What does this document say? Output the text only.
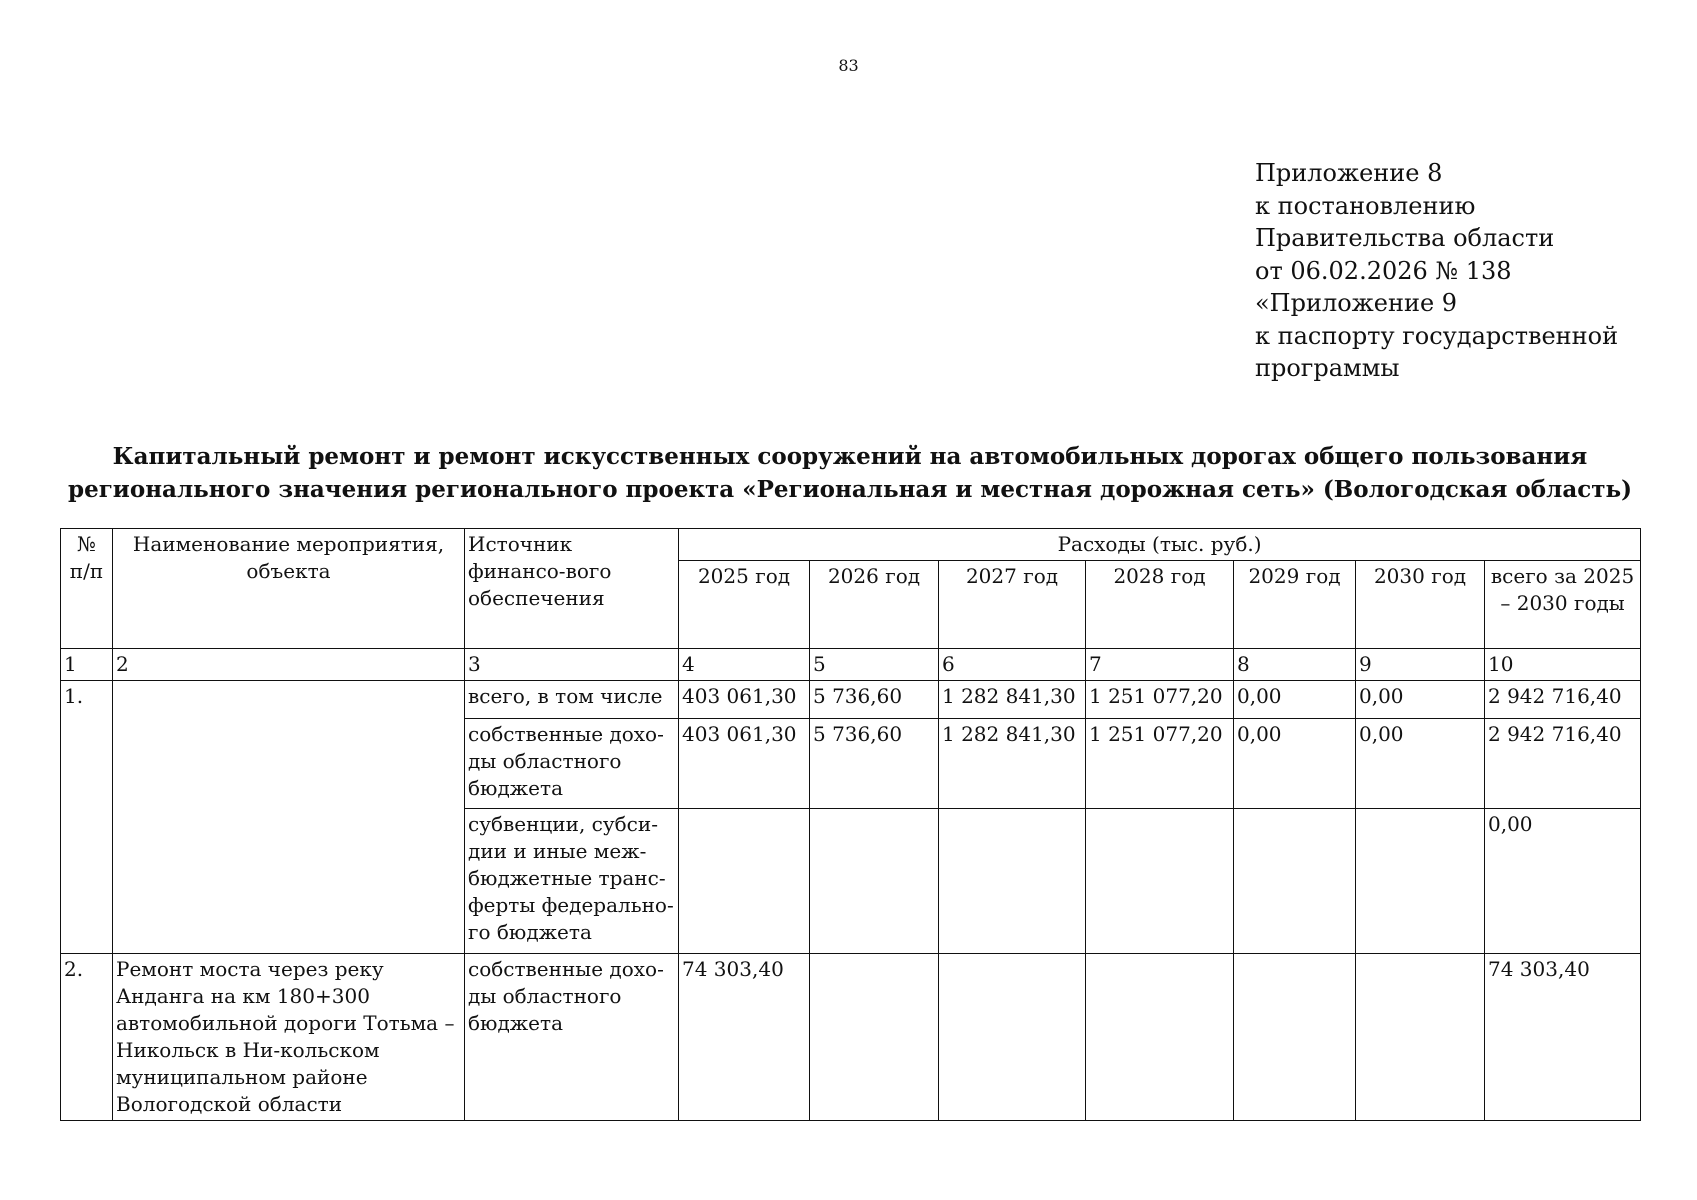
83
Приложение 8
к постановлению
Правительства области
от 06.02.2026 № 138
«Приложение 9
к паспорту государственной
программы
Капитальный ремонт и ремонт искусственных сооружений на автомобильных дорогах общего пользования
регионального значения регионального проекта «Региональная и местная дорожная сеть» (Вологодская область)
№ п/п	Наименование мероприятия, объекта	Источник финансо-вого обеспечения	Расходы (тыс. руб.)						
			2025 год	2026 год	2027 год	2028 год	2029 год	2030 год	всего за 2025 – 2030 годы
1	2	3	4	5	6	7	8	9	10
1.		всего, в том числе	403 061,30	5 736,60	1 282 841,30	1 251 077,20	0,00	0,00	2 942 716,40
		собственные дохо-ды областного бюджета	403 061,30	5 736,60	1 282 841,30	1 251 077,20	0,00	0,00	2 942 716,40
		субвенции, субси-дии и иные меж-бюджетные транс-ферты федерально-го бюджета							0,00
2.	Ремонт моста через реку Анданга на км 180+300 автомобильной дороги Тотьма – Никольск в Ни-кольском муниципальном районе Вологодской области	собственные дохо-ды областного бюджета	74 303,40						74 303,40
